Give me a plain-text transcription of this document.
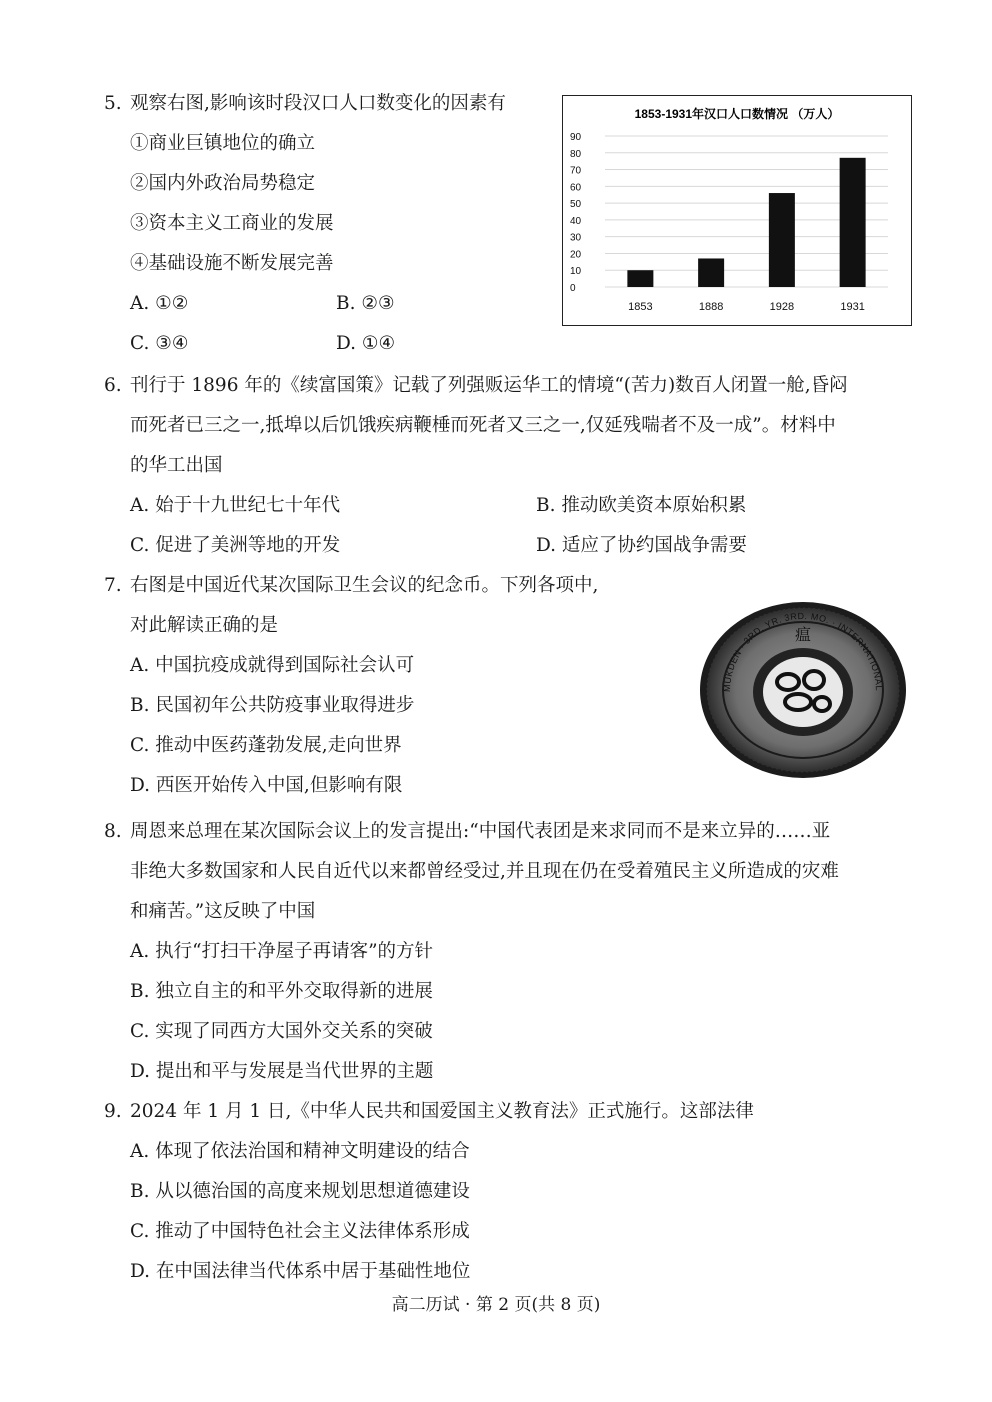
5. 观察右图,影响该时段汉口人口数变化的因素有
①商业巨镇地位的确立
②国内外政治局势稳定
③资本主义工商业的发展
④基础设施不断发展完善
A. ①②	B. ②③
C. ③④	D. ①④
1853-1931年汉口人口数情况 （万人）
0
10
20
30
40
50
60
70
80
90
1853	1888	1928	1931
6. 刊行于 1896 年的《续富国策》记载了列强贩运华工的情境“(苦力)数百人闭置一舱,昏闷
而死者已三之一,抵埠以后饥饿疾病鞭棰而死者又三之一,仅延残喘者不及一成”。材料中
的华工出国
A. 始于十九世纪七十年代	B. 推动欧美资本原始积累
C. 促进了美洲等地的开发	D. 适应了协约国战争需要
7. 右图是中国近代某次国际卫生会议的纪念币。下列各项中,
对此解读正确的是
A. 中国抗疫成就得到国际社会认可
B. 民国初年公共防疫事业取得进步
C. 推动中医药蓬勃发展,走向世界
D. 西医开始传入中国,但影响有限
MUKDEN · 3RD. YR. 3RD. MO. · INTERNATIONAL
瘟
8. 周恩来总理在某次国际会议上的发言提出:“中国代表团是来求同而不是来立异的……亚
非绝大多数国家和人民自近代以来都曾经受过,并且现在仍在受着殖民主义所造成的灾难
和痛苦。”这反映了中国
A. 执行“打扫干净屋子再请客”的方针
B. 独立自主的和平外交取得新的进展
C. 实现了同西方大国外交关系的突破
D. 提出和平与发展是当代世界的主题
9. 2024 年 1 月 1 日,《中华人民共和国爱国主义教育法》正式施行。这部法律
A. 体现了依法治国和精神文明建设的结合
B. 从以德治国的高度来规划思想道德建设
C. 推动了中国特色社会主义法律体系形成
D. 在中国法律当代体系中居于基础性地位
高二历试 · 第 2 页(共 8 页)
